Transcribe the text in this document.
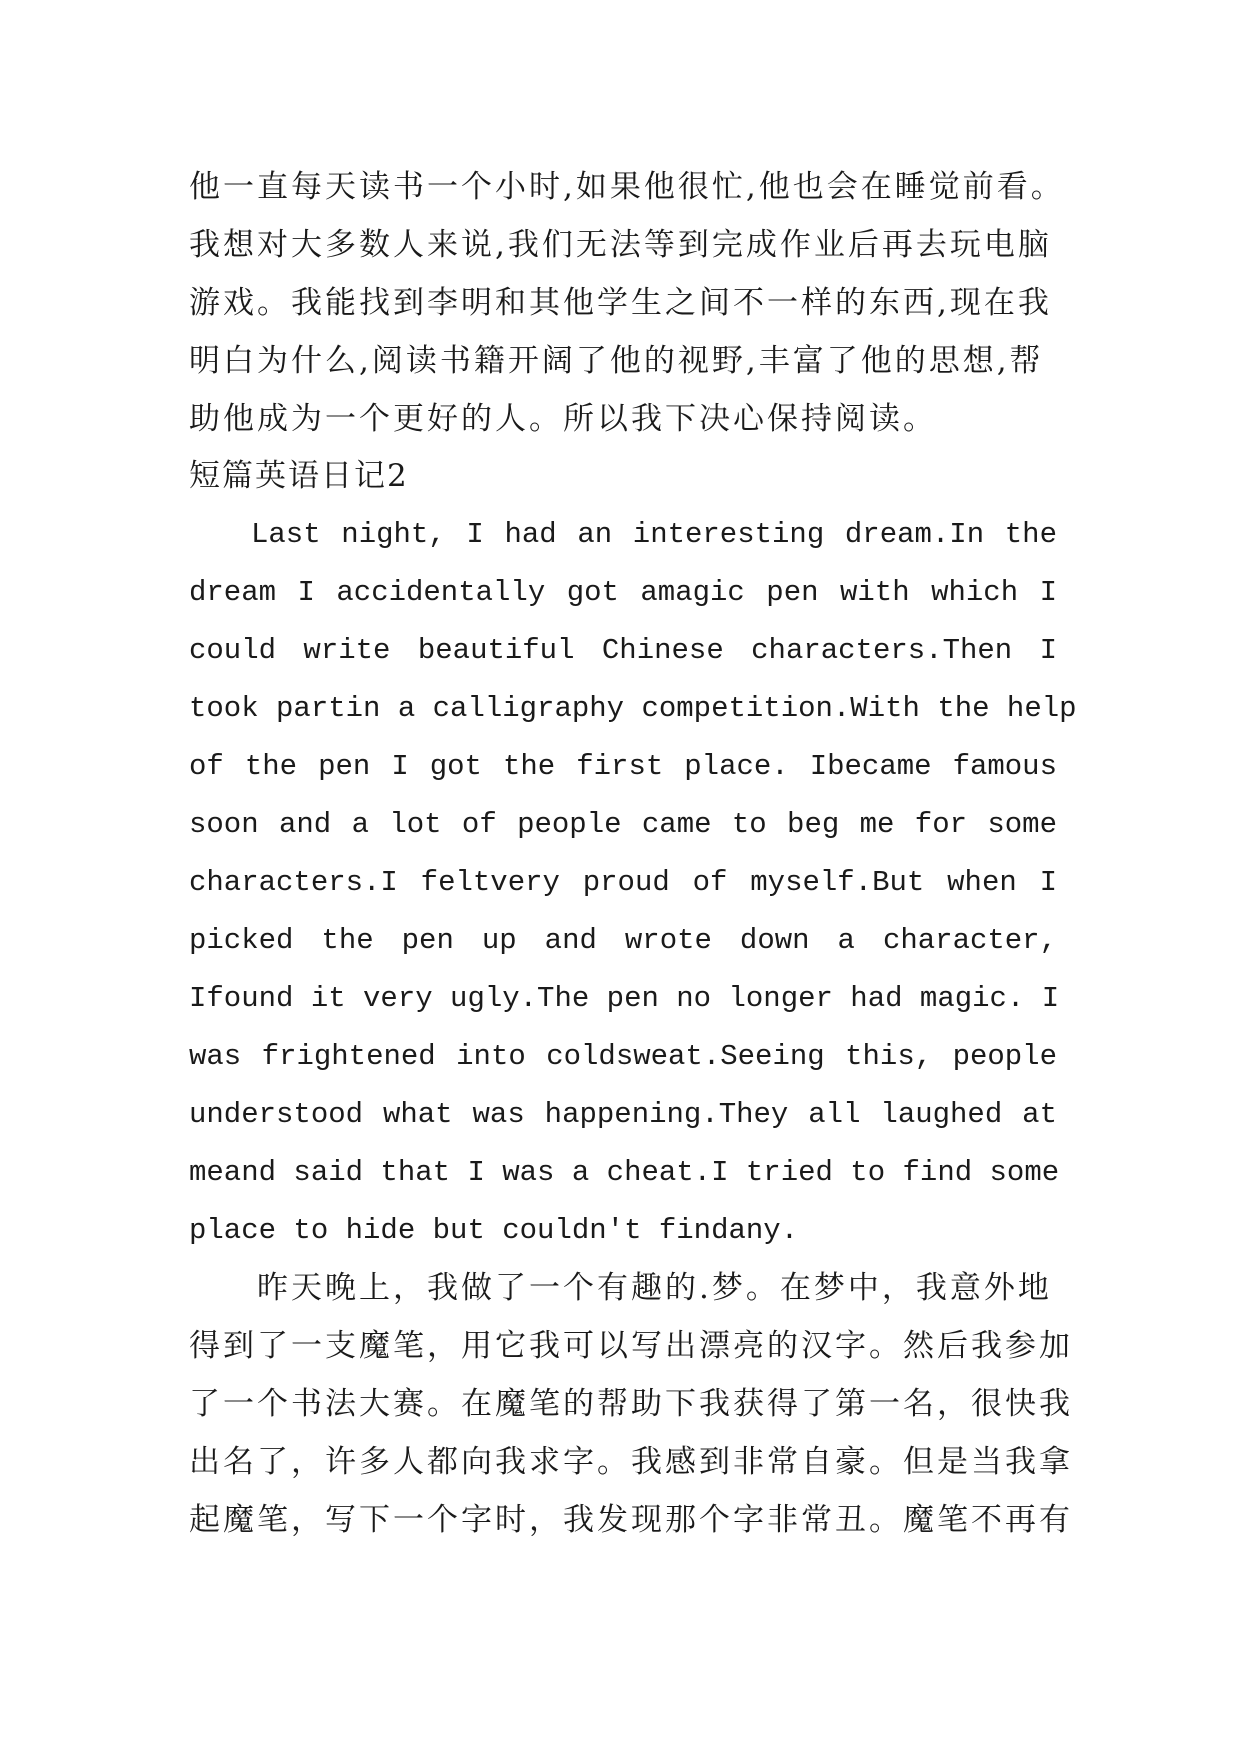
他一直每天读书一个小时,如果他很忙,他也会在睡觉前看。
我想对大多数人来说,我们无法等到完成作业后再去玩电脑
游戏。我能找到李明和其他学生之间不一样的东西,现在我
明白为什么,阅读书籍开阔了他的视野,丰富了他的思想,帮
助他成为一个更好的人。所以我下决心保持阅读。
短篇英语日记2
Last night, I had an interesting dream.In the
dream I accidentally got amagic pen with which I
could write beautiful Chinese characters.Then I
took partin a calligraphy competition.With the help
of the pen I got the first place. Ibecame famous
soon and a lot of people came to beg me for some
characters.I feltvery proud of myself.But when I
picked the pen up and wrote down a character,
Ifound it very ugly.The pen no longer had magic. I
was frightened into coldsweat.Seeing this, people
understood what was happening.They all laughed at
meand said that I was a cheat.I tried to find some
place to hide but couldn't findany.
　　昨天晚上，我做了一个有趣的.梦。在梦中，我意外地
得到了一支魔笔，用它我可以写出漂亮的汉字。然后我参加
了一个书法大赛。在魔笔的帮助下我获得了第一名，很快我
出名了，许多人都向我求字。我感到非常自豪。但是当我拿
起魔笔，写下一个字时，我发现那个字非常丑。魔笔不再有
